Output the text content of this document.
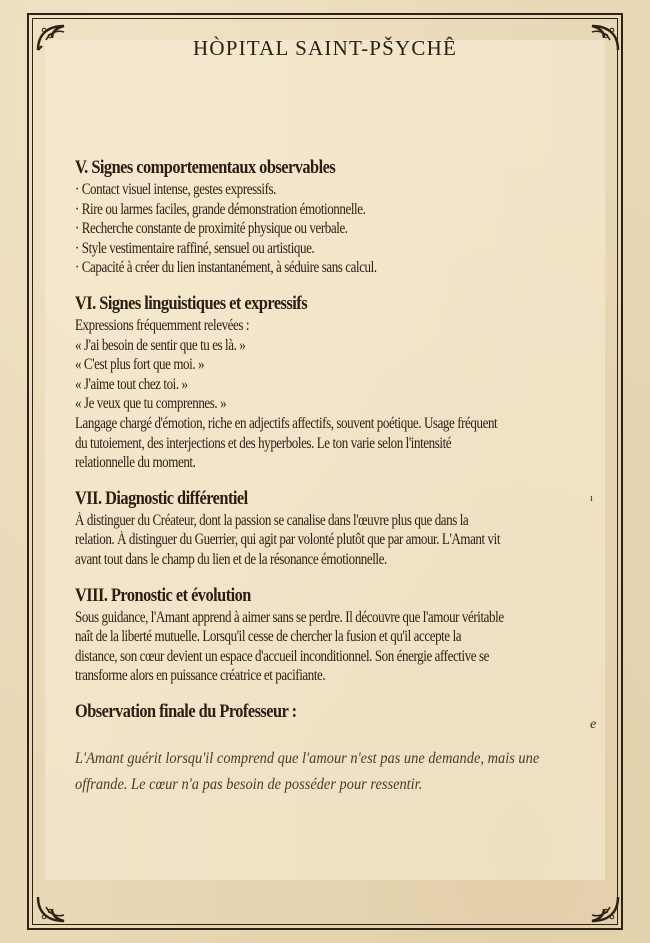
HÒPITAL SAINT-PŠYCHÊ
V. Signes comportementaux observables
· Contact visuel intense, gestes expressifs.
· Rire ou larmes faciles, grande démonstration émotionnelle.
· Recherche constante de proximité physique ou verbale.
· Style vestimentaire raffiné, sensuel ou artistique.
· Capacité à créer du lien instantanément, à séduire sans calcul.
VI. Signes linguistiques et expressifs
Expressions fréquemment relevées :
« J'ai besoin de sentir que tu es là. »
« C'est plus fort que moi. »
« J'aime tout chez toi. »
« Je veux que tu comprennes. »
Langage chargé d'émotion, riche en adjectifs affectifs, souvent poétique. Usage fréquent
du tutoiement, des interjections et des hyperboles. Le ton varie selon l'intensité
relationnelle du moment.
VII. Diagnostic différentiel
À distinguer du Créateur, dont la passion se canalise dans l'œuvre plus que dans la
relation. À distinguer du Guerrier, qui agit par volonté plutôt que par amour. L'Amant vit
avant tout dans le champ du lien et de la résonance émotionnelle.
VIII. Pronostic et évolution
Sous guidance, l'Amant apprend à aimer sans se perdre. Il découvre que l'amour véritable
naît de la liberté mutuelle. Lorsqu'il cesse de chercher la fusion et qu'il accepte la
distance, son cœur devient un espace d'accueil inconditionnel. Son énergie affective se
transforme alors en puissance créatrice et pacifiante.
Observation finale du Professeur :
L'Amant guérit lorsqu'il comprend que l'amour n'est pas une demande, mais une
offrande. Le cœur n'a pas besoin de posséder pour ressentir.
ı
e
